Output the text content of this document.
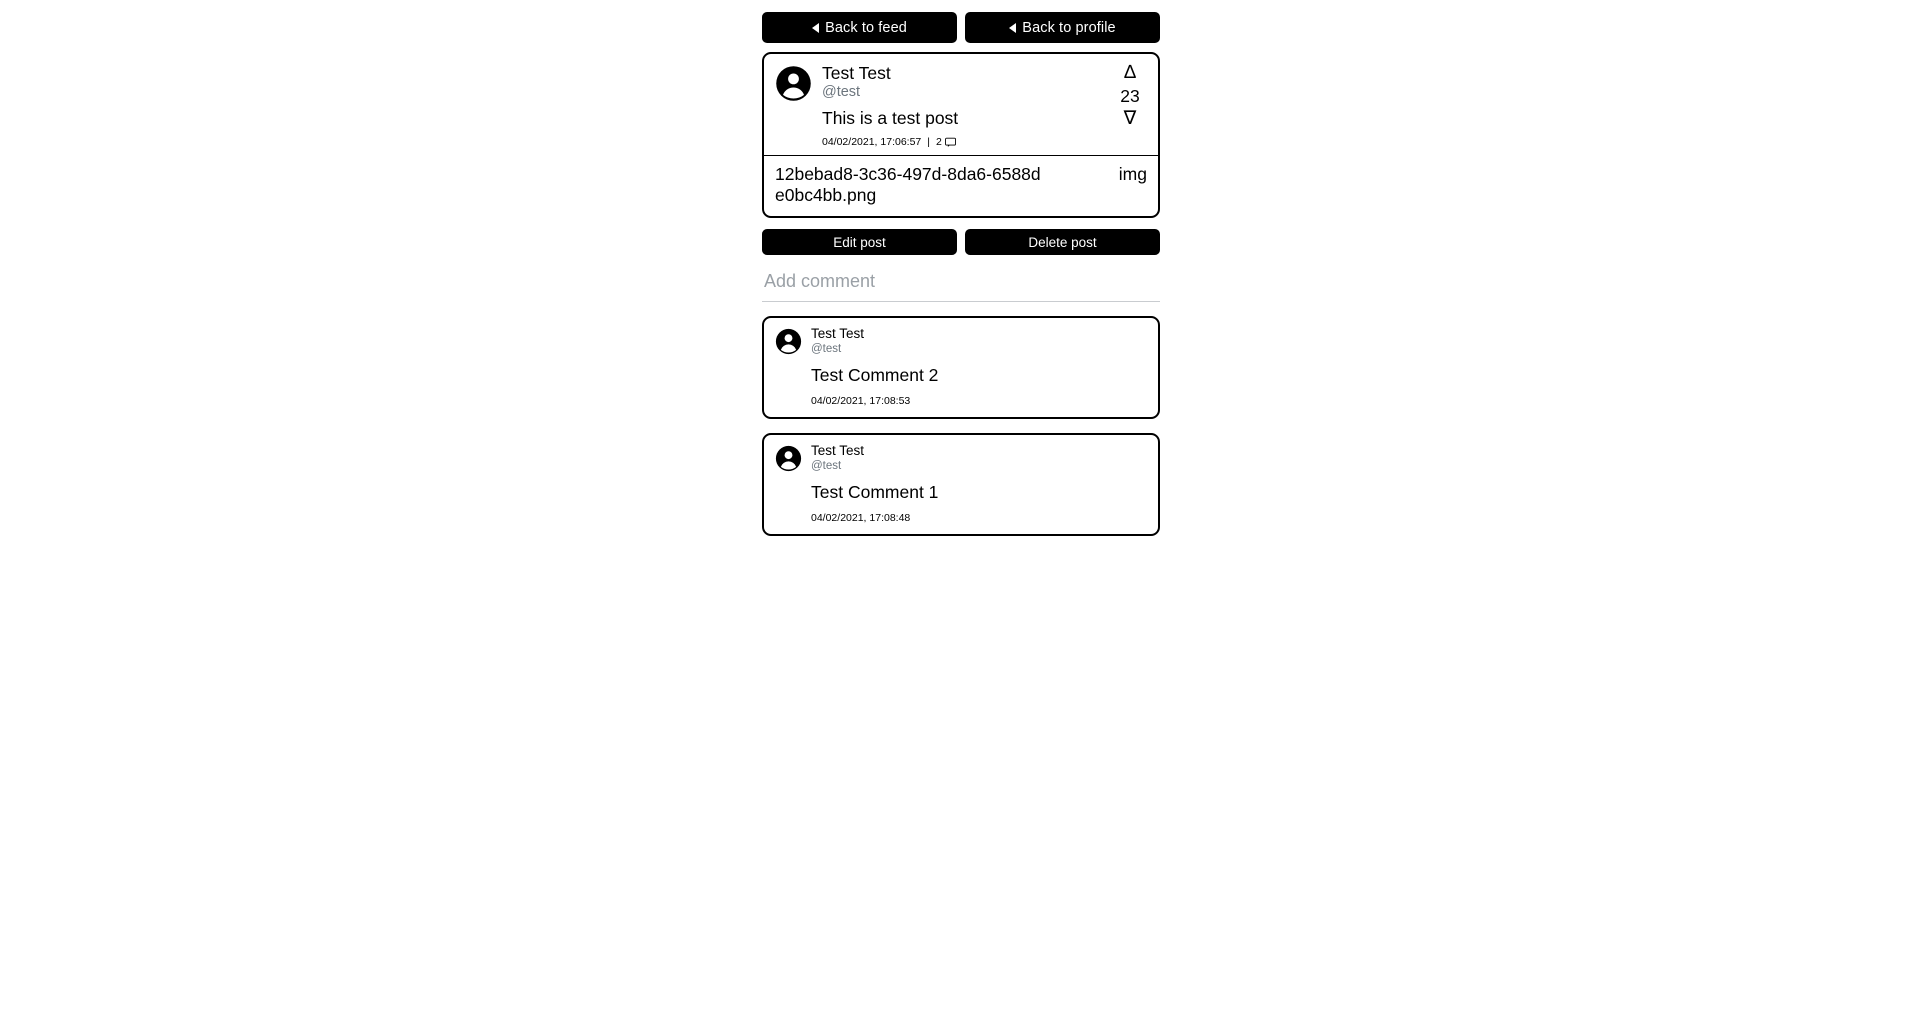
Back to feed	Back to profile
Test Test
@test
This is a test post
04/02/2021, 17:06:57 | 2
∆
23
∇
12bebad8-3c36-497d-8da6-6588de0bc4bb.png
img
Edit post	Delete post
Add comment
Test Test
@test
Test Comment 2
04/02/2021, 17:08:53
Test Test
@test
Test Comment 1
04/02/2021, 17:08:48
